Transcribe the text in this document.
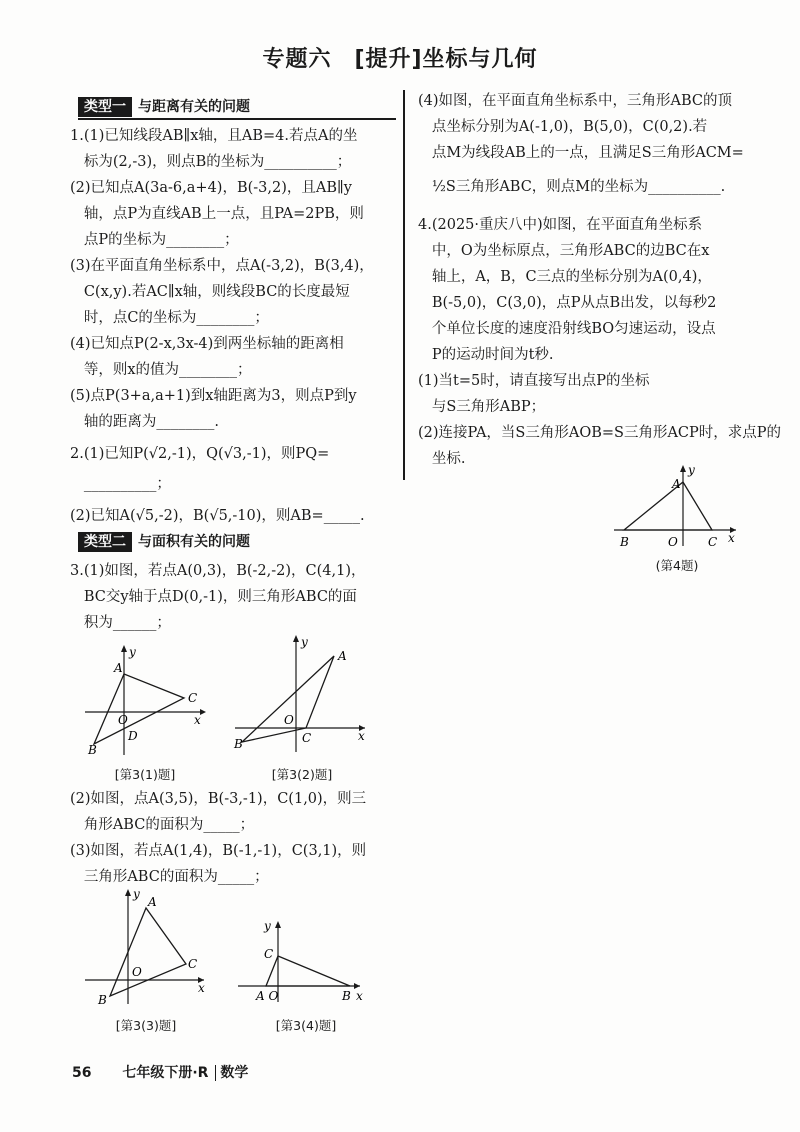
专题六　[提升]坐标与几何
类型一 与距离有关的问题
1.(1)已知线段AB∥x轴，且AB=4.若点A的坐
标为(2,-3)，则点B的坐标为__________；
(2)已知点A(3a-6,a+4)，B(-3,2)，且AB∥y
轴，点P为直线AB上一点，且PA=2PB，则
点P的坐标为________；
(3)在平面直角坐标系中，点A(-3,2)，B(3,4)，
C(x,y).若AC∥x轴，则线段BC的长度最短
时，点C的坐标为________；
(4)已知点P(2-x,3x-4)到两坐标轴的距离相
等，则x的值为________；
(5)点P(3+a,a+1)到x轴距离为3，则点P到y
轴的距离为________.
2.(1)已知P(√2,-1)，Q(√3,-1)，则PQ=
__________；
(2)已知A(√5,-2)，B(√5,-10)，则AB=_____.
类型二 与面积有关的问题
3.(1)如图，若点A(0,3)，B(-2,-2)，C(4,1)，
BC交y轴于点D(0,-1)，则三角形ABC的面
积为______；
A
y
C
O	x
D
B
[第3(1)题]
A
y
O
C	x
B
[第3(2)题]
(2)如图，点A(3,5)，B(-3,-1)，C(1,0)，则三
角形ABC的面积为_____；
(3)如图，若点A(1,4)，B(-1,-1)，C(3,1)，则
三角形ABC的面积为_____；
A
y
C
O
x
B
[第3(3)题]
y
C
A O	B x
[第3(4)题]
(4)如图，在平面直角坐标系中，三角形ABC的顶
点坐标分别为A(-1,0)，B(5,0)，C(0,2).若
点M为线段AB上的一点，且满足S三角形ACM=
½S三角形ABC，则点M的坐标为__________.
4.(2025·重庆八中)如图，在平面直角坐标系
中，O为坐标原点，三角形ABC的边BC在x
轴上，A，B，C三点的坐标分别为A(0,4)，
B(-5,0)，C(3,0)，点P从点B出发，以每秒2
个单位长度的速度沿射线BO匀速运动，设点
P的运动时间为t秒.
(1)当t=5时，请直接写出点P的坐标
与S三角形ABP；
(2)连接PA，当S三角形AOB=S三角形ACP时，求点P的
坐标.
y
A
B	O	C x
(第4题)
56 七年级下册·R 数学
